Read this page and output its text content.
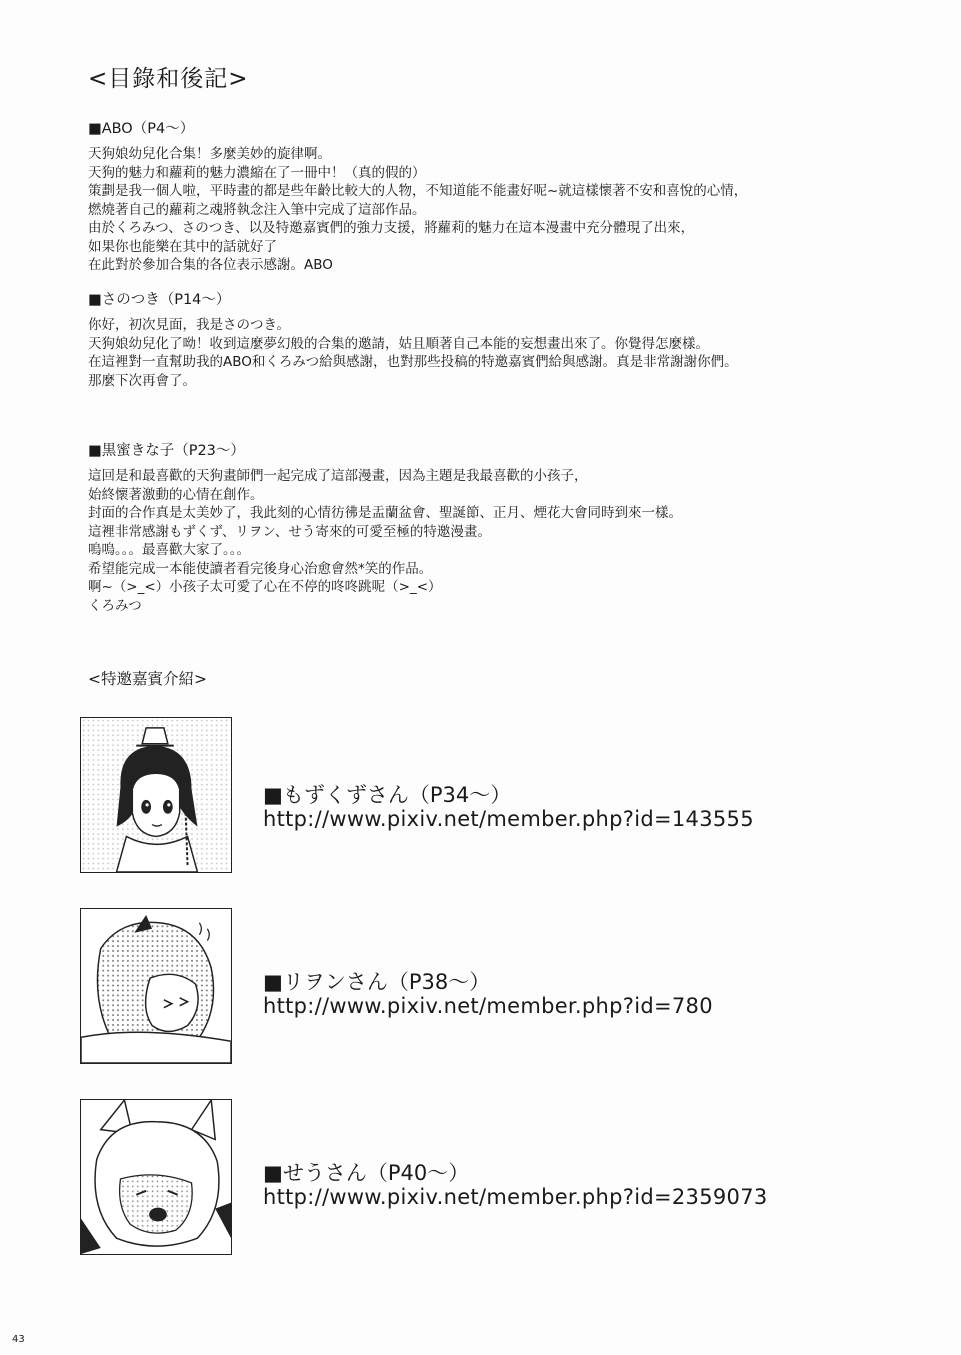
<目錄和後記>
■ABO（P4～）
天狗娘幼兒化合集！多麼美妙的旋律啊。
天狗的魅力和蘿莉的魅力濃縮在了一冊中！（真的假的）
策劃是我一個人啦，平時畫的都是些年齡比較大的人物，不知道能不能畫好呢~就這樣懷著不安和喜悅的心情，
燃燒著自己的蘿莉之魂將執念注入筆中完成了這部作品。
由於くろみつ、さのつき、以及特邀嘉賓們的強力支援，將蘿莉的魅力在這本漫畫中充分體現了出來，
如果你也能樂在其中的話就好了
在此對於參加合集的各位表示感謝。ABO
■さのつき（P14～）
你好，初次見面，我是さのつき。
天狗娘幼兒化了呦！收到這麼夢幻般的合集的邀請，姑且順著自己本能的妄想畫出來了。你覺得怎麼樣。
在這裡對一直幫助我的ABO和くろみつ給與感謝，也對那些投稿的特邀嘉賓們給與感謝。真是非常謝謝你們。
那麼下次再會了。
■黒蜜きな子（P23～）
這回是和最喜歡的天狗畫師們一起完成了這部漫畫，因為主題是我最喜歡的小孩子，
始終懷著激動的心情在創作。
封面的合作真是太美妙了，我此刻的心情彷彿是盂蘭盆會、聖誕節、正月、煙花大會同時到來一樣。
這裡非常感謝もずくず、リヲン、せう寄來的可愛至極的特邀漫畫。
嗚嗚。。。最喜歡大家了。。。
希望能完成一本能使讀者看完後身心治愈會然*笑的作品。
啊~（>_<）小孩子太可愛了心在不停的咚咚跳呢（>_<）
くろみつ
<特邀嘉賓介紹>
■もずくずさん（P34～）
http://www.pixiv.net/member.php?id=143555
■リヲンさん（P38～）
http://www.pixiv.net/member.php?id=780
■せうさん（P40～）
http://www.pixiv.net/member.php?id=2359073
43
